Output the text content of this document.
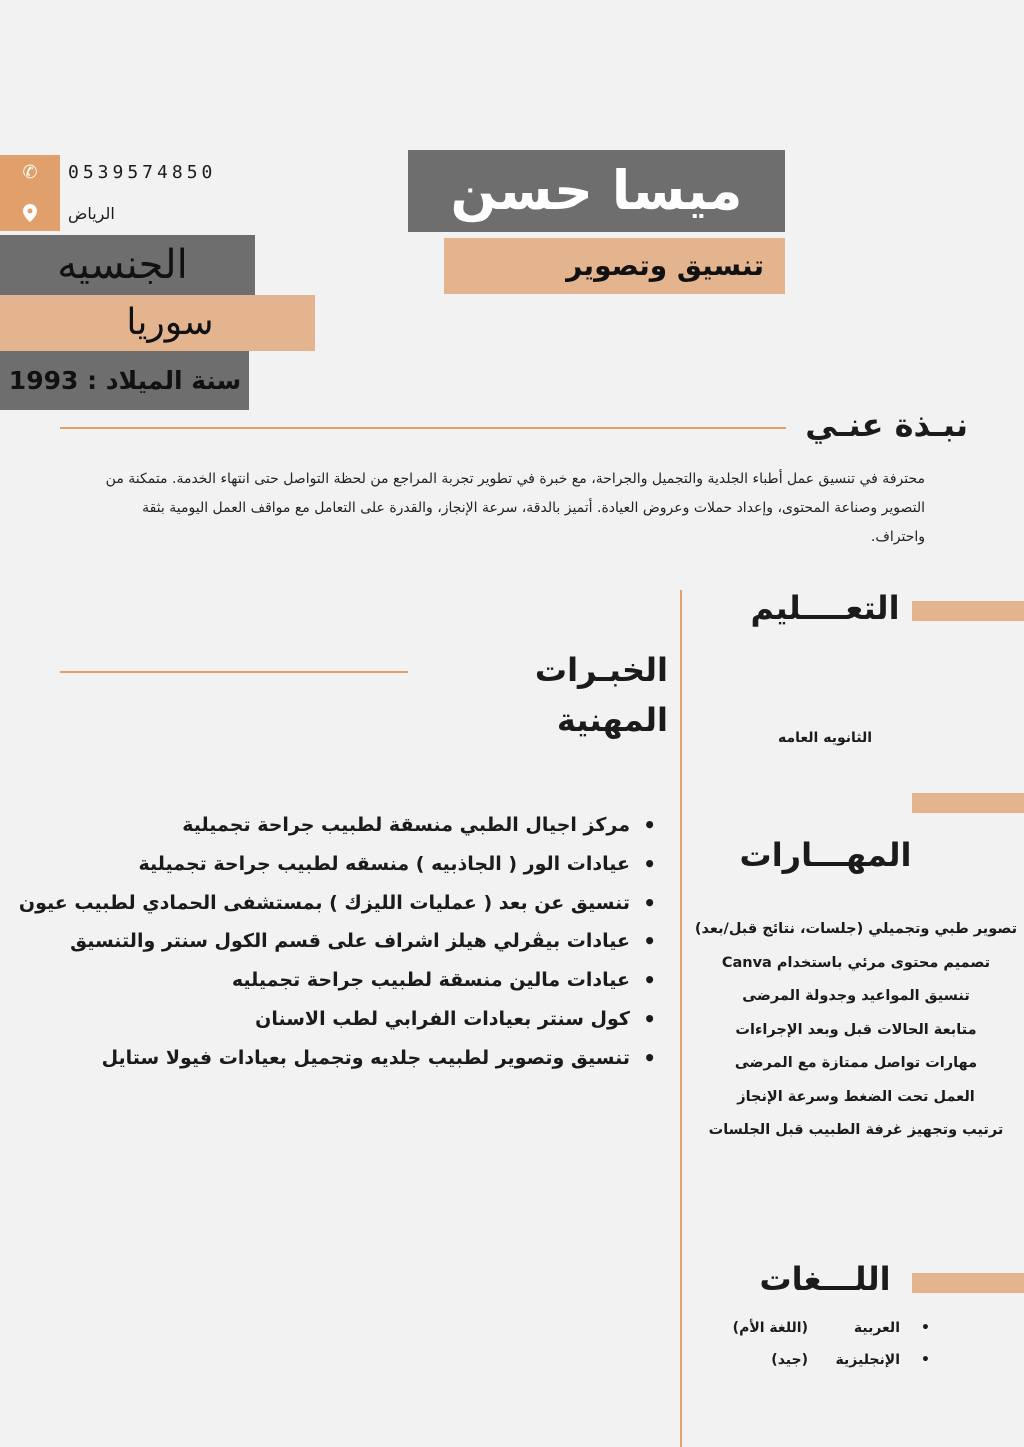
ميسا حسن
تنسيق وتصوير
✆	0539574850
الرياض
الجنسيه
سوريا
سنة الميلاد : 1993
نبـذة عنـي
محترفة في تنسيق عمل أطباء الجلدية والتجميل والجراحة، مع خبرة في تطوير تجربة المراجع من لحظة التواصل حتى انتهاء الخدمة. متمكنة من التصوير وصناعة المحتوى، وإعداد حملات وعروض العيادة. أتميز بالدقة، سرعة الإنجاز، والقدرة على التعامل مع مواقف العمل اليومية بثقة واحتراف.
التعــــليم
الثانويه العامه
المهـــارات
تصوير طبي وتجميلي (جلسات، نتائج قبل/بعد)
تصميم محتوى مرئي باستخدام Canva
تنسيق المواعيد وجدولة المرضى
متابعة الحالات قبل وبعد الإجراءات
مهارات تواصل ممتازة مع المرضى
العمل تحت الضغط وسرعة الإنجاز
ترتيب وتجهيز غرفة الطبيب قبل الجلسات
اللـــغات
•
العربية
(اللغة الأم)
•
الإنجليزية
(جيد)
الخبـرات المهنية
• مركز اجيال الطبي منسقة لطبيب جراحة تجميلية
• عيادات الور ( الجاذبيه ) منسقه لطبيب جراحة تجميلية
• تنسيق عن بعد ( عمليات الليزك ) بمستشفى الحمادي لطبيب عيون
• عيادات بيڤرلي هيلز اشراف على قسم الكول سنتر والتنسيق
• عيادات مالين منسقة لطبيب جراحة تجميليه
• كول سنتر بعيادات الفرابي لطب الاسنان
• تنسيق وتصوير لطبيب جلديه وتجميل بعيادات فيولا ستايل
